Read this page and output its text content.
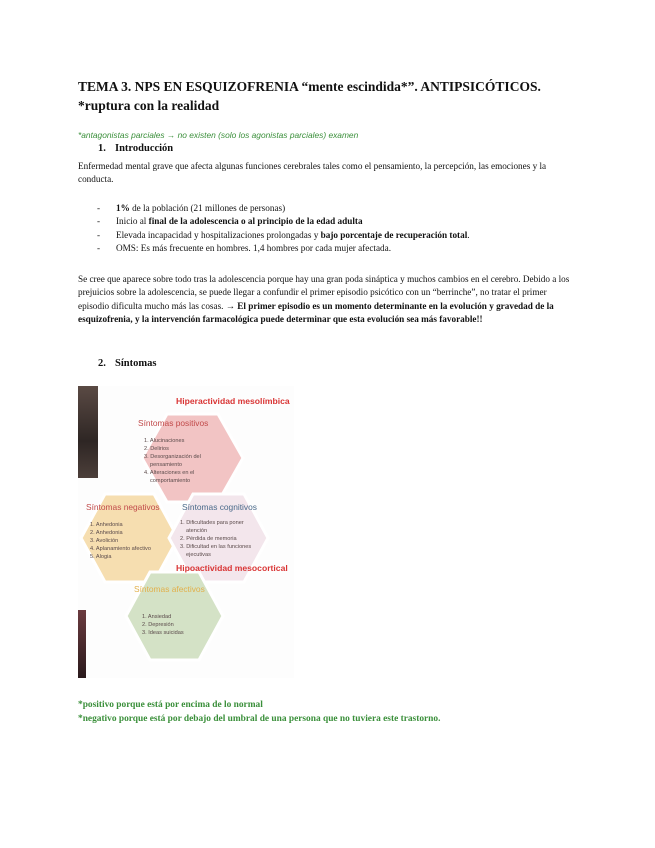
TEMA 3. NPS EN ESQUIZOFRENIA “mente escindida*”. ANTIPSICÓTICOS.
*ruptura con la realidad
*antagonistas parciales → no existen (solo los agonistas parciales) examen
1. Introducción
Enfermedad mental grave que afecta algunas funciones cerebrales tales como el pensamiento, la percepción, las emociones y la conducta.
- 1% de la población (21 millones de personas)
- Inicio al final de la adolescencia o al principio de la edad adulta
- Elevada incapacidad y hospitalizaciones prolongadas y bajo porcentaje de recuperación total.
- OMS: Es más frecuente en hombres. 1,4 hombres por cada mujer afectada.
Se cree que aparece sobre todo tras la adolescencia porque hay una gran poda sináptica y muchos cambios en el cerebro. Debido a los prejuicios sobre la adolescencia, se puede llegar a confundir el primer episodio psicótico con un “berrinche”, no tratar el primer episodio dificulta mucho más las cosas. → El primer episodio es un momento determinante en la evolución y gravedad de la esquizofrenia, y la intervención farmacológica puede determinar que esta evolución sea más favorable!!
2. Síntomas
Hiperactividad mesolímbica
Hipoactividad mesocortical
Síntomas positivos
1. Alucinaciones
2. Delirios
3. Desorganización del
pensamiento
4. Alteraciones en el
comportamiento
Síntomas negativos
1. Anhedonia
2. Anhedonia
3. Avolición
4. Aplanamiento afectivo
5. Alogia
Síntomas cognitivos
1. Dificultades para poner
atención
2. Pérdida de memoria
3. Dificultad en las funciones
ejecutivas
Síntomas afectivos
1. Ansiedad
2. Depresión
3. Ideas suicidas
*positivo porque está por encima de lo normal
*negativo porque está por debajo del umbral de una persona que no tuviera este trastorno.
